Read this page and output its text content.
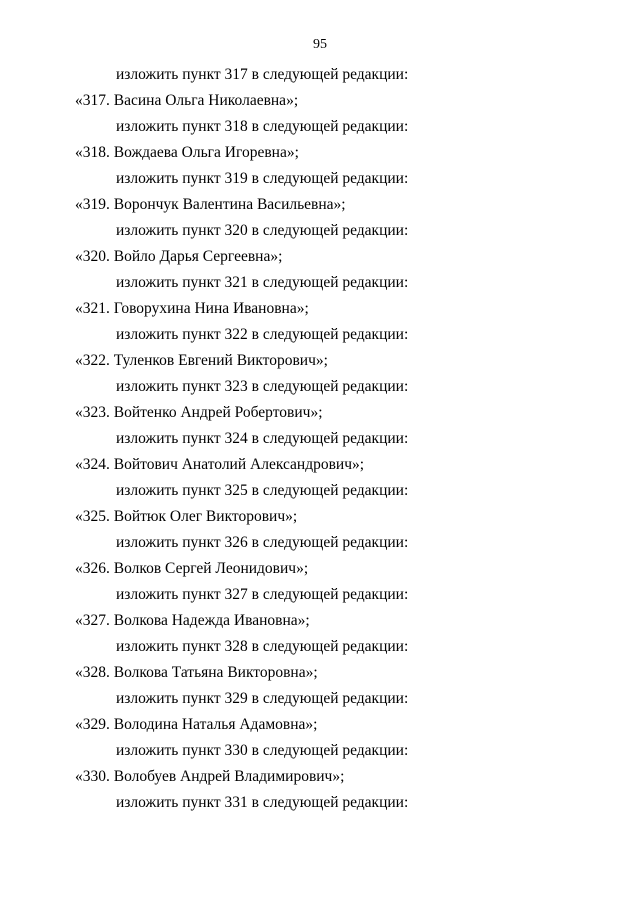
95
изложить пункт 317 в следующей редакции:
«317. Васина Ольга Николаевна»;
изложить пункт 318 в следующей редакции:
«318. Вождаева Ольга Игоревна»;
изложить пункт 319 в следующей редакции:
«319. Ворончук Валентина Васильевна»;
изложить пункт 320 в следующей редакции:
«320. Войло Дарья Сергеевна»;
изложить пункт 321 в следующей редакции:
«321. Говорухина Нина Ивановна»;
изложить пункт 322 в следующей редакции:
«322. Туленков Евгений Викторович»;
изложить пункт 323 в следующей редакции:
«323. Войтенко Андрей Робертович»;
изложить пункт 324 в следующей редакции:
«324. Войтович Анатолий Александрович»;
изложить пункт 325 в следующей редакции:
«325. Войтюк Олег Викторович»;
изложить пункт 326 в следующей редакции:
«326. Волков Сергей Леонидович»;
изложить пункт 327 в следующей редакции:
«327. Волкова Надежда Ивановна»;
изложить пункт 328 в следующей редакции:
«328. Волкова Татьяна Викторовна»;
изложить пункт 329 в следующей редакции:
«329. Володина Наталья Адамовна»;
изложить пункт 330 в следующей редакции:
«330. Волобуев Андрей Владимирович»;
изложить пункт 331 в следующей редакции:
